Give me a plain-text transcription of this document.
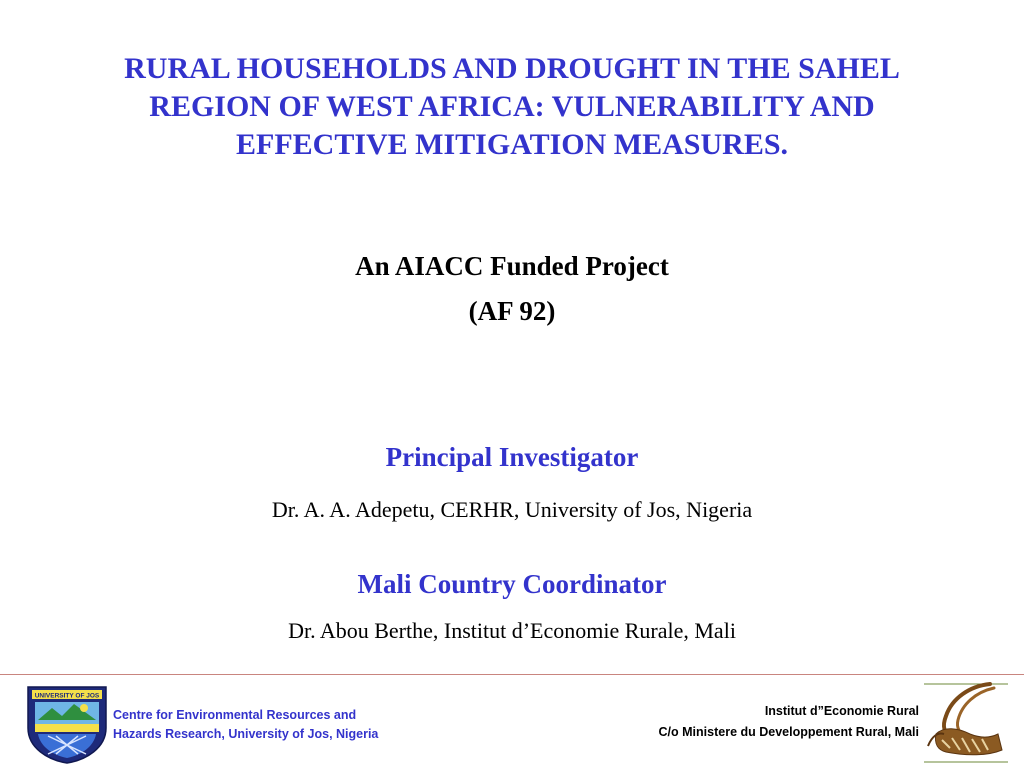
RURAL HOUSEHOLDS AND DROUGHT IN THE SAHEL
REGION OF WEST AFRICA: VULNERABILITY AND
EFFECTIVE MITIGATION MEASURES.
An AIACC Funded Project
(AF 92)
Principal Investigator
Dr. A. A. Adepetu, CERHR, University of Jos, Nigeria
Mali Country Coordinator
Dr. Abou Berthe, Institut d’Economie Rurale, Mali
UNIVERSITY OF JOS
Centre for Environmental Resources and
Hazards Research, University of Jos, Nigeria
Institut d”Economie Rural
C/o Ministere du Developpement Rural, Mali
